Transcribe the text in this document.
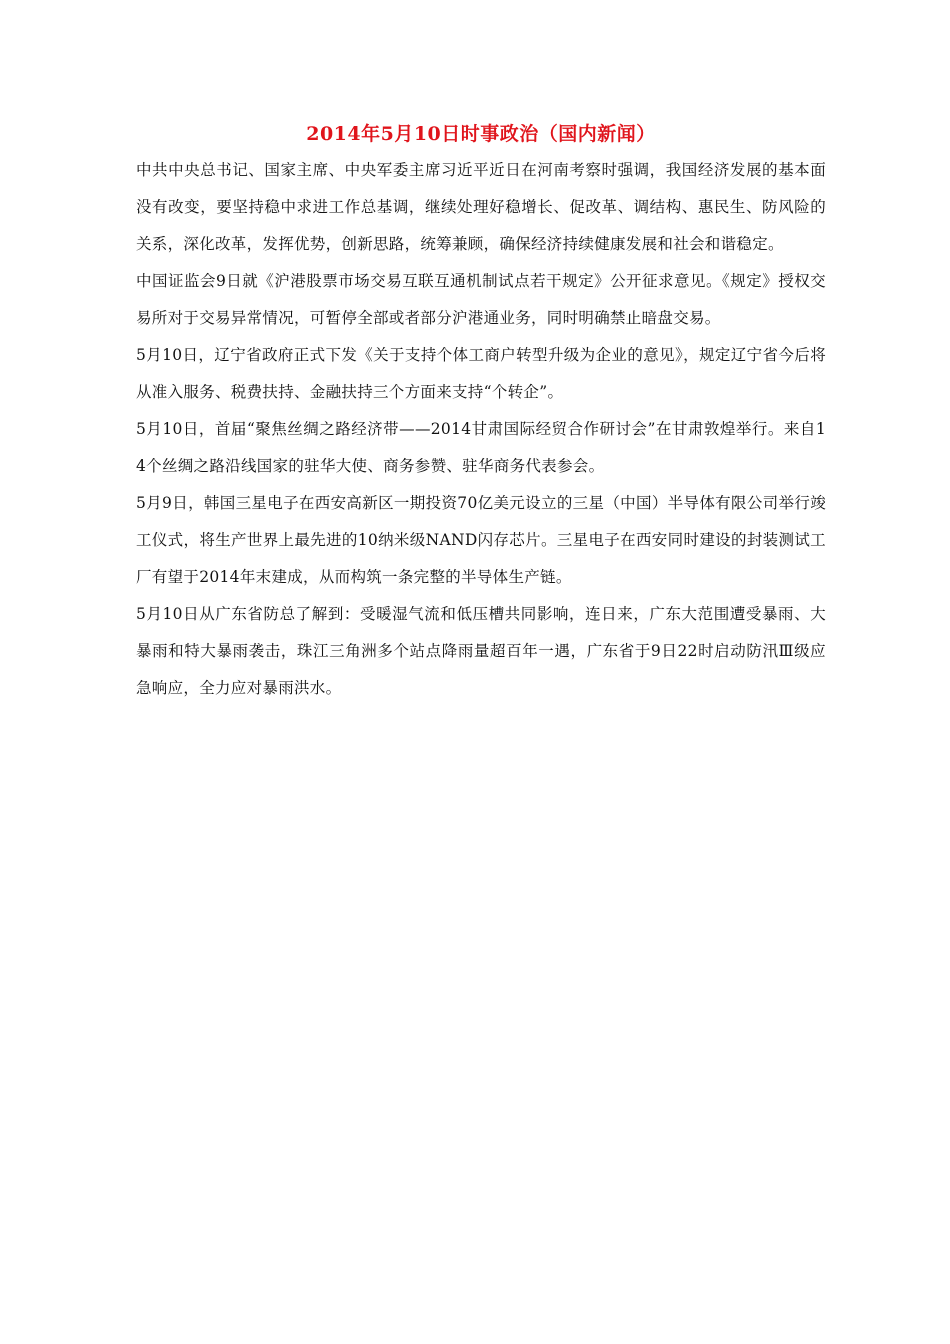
2014年5月10日时事政治（国内新闻）

中共中央总书记、国家主席、中央军委主席习近平近日在河南考察时强调，我国经济发展的基本面没有改变，要坚持稳中求进工作总基调，继续处理好稳增长、促改革、调结构、惠民生、防风险的关系，深化改革，发挥优势，创新思路，统筹兼顾，确保经济持续健康发展和社会和谐稳定。

中国证监会9日就《沪港股票市场交易互联互通机制试点若干规定》公开征求意见。《规定》授权交易所对于交易异常情况，可暂停全部或者部分沪港通业务，同时明确禁止暗盘交易。

5月10日，辽宁省政府正式下发《关于支持个体工商户转型升级为企业的意见》，规定辽宁省今后将从准入服务、税费扶持、金融扶持三个方面来支持“个转企”。

5月10日，首届“聚焦丝绸之路经济带——2014甘肃国际经贸合作研讨会”在甘肃敦煌举行。来自14个丝绸之路沿线国家的驻华大使、商务参赞、驻华商务代表参会。

5月9日，韩国三星电子在西安高新区一期投资70亿美元设立的三星（中国）半导体有限公司举行竣工仪式，将生产世界上最先进的10纳米级NAND闪存芯片。三星电子在西安同时建设的封装测试工厂有望于2014年末建成，从而构筑一条完整的半导体生产链。

5月10日从广东省防总了解到：受暖湿气流和低压槽共同影响，连日来，广东大范围遭受暴雨、大暴雨和特大暴雨袭击，珠江三角洲多个站点降雨量超百年一遇，广东省于9日22时启动防汛Ⅲ级应急响应，全力应对暴雨洪水。
